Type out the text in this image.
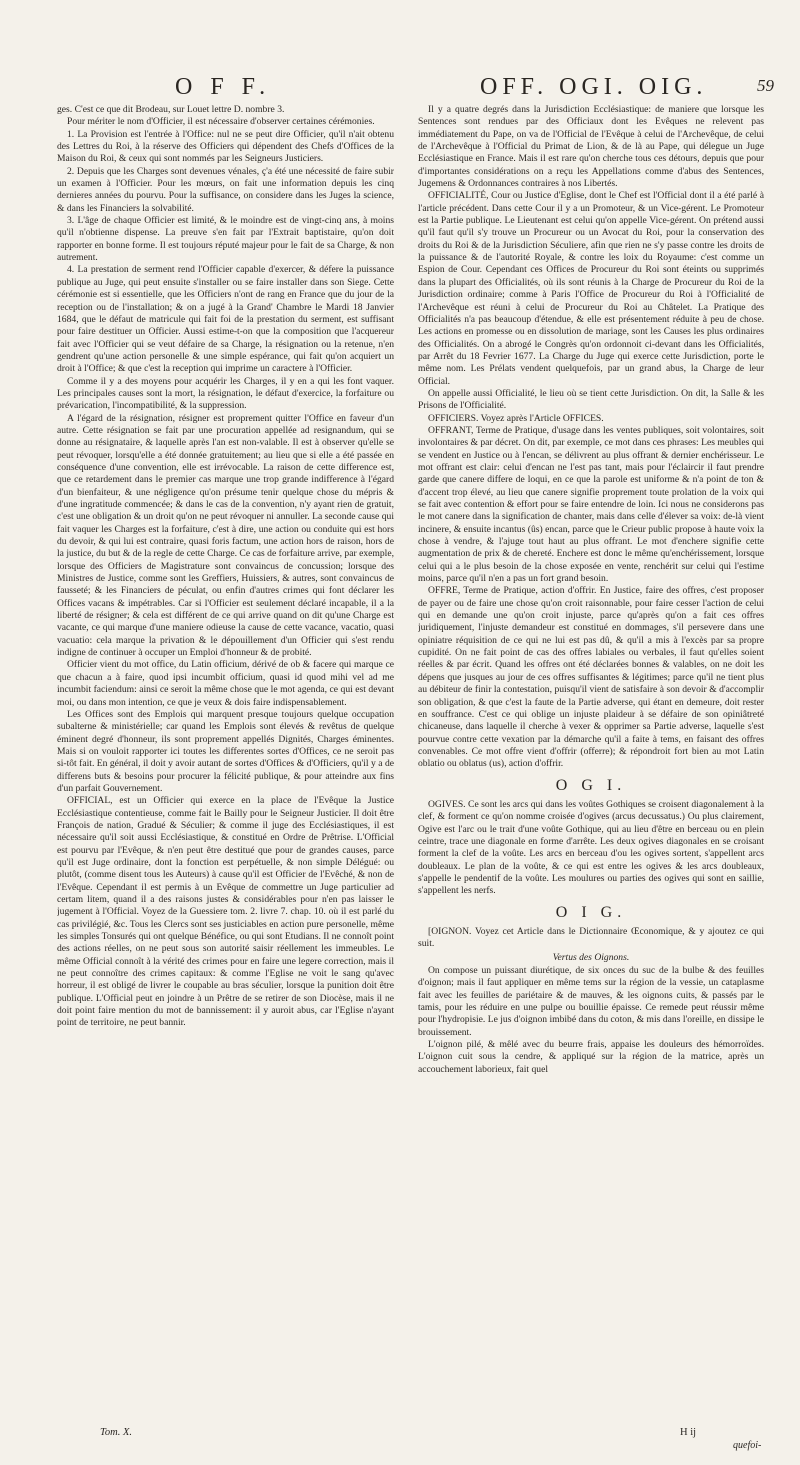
O F F.	OFF. OGI. OIG.	59

ges. C'est ce que dit Brodeau, sur Louet lettre D. nombre 3.

Pour mériter le nom d'Officier, il est nécessaire d'observer certaines cérémonies.

1. La Provision est l'entrée à l'Office: nul ne se peut dire Officier, qu'il n'ait obtenu des Lettres du Roi, à la réserve des Officiers qui dépendent des Chefs d'Offices de la Maison du Roi, & ceux qui sont nommés par les Seigneurs Justiciers.

2. Depuis que les Charges sont devenues vénales, ç'a été une nécessité de faire subir un examen à l'Officier. Pour les mœurs, on fait une information depuis les cinq dernieres années du pourvu. Pour la suffisance, on considere dans les Juges la science, & dans les Financiers la solvabilité.

3. L'âge de chaque Officier est limité, & le moindre est de vingt-cinq ans, à moins qu'il n'obtienne dispense. La preuve s'en fait par l'Extrait baptistaire, qu'on doit rapporter en bonne forme. Il est toujours réputé majeur pour le fait de sa Charge, & non autrement.

4. La prestation de serment rend l'Officier capable d'exercer, & défere la puissance publique au Juge, qui peut ensuite s'installer ou se faire installer dans son Siege. Cette cérémonie est si essentielle, que les Officiers n'ont de rang en France que du jour de la reception ou de l'installation; & on a jugé à la Grand' Chambre le Mardi 18 Janvier 1684, que le défaut de matricule qui fait foi de la prestation du serment, est suffisant pour faire destituer un Officier. Aussi estime-t-on que la composition que l'acquereur fait avec l'Officier qui se veut défaire de sa Charge, la résignation ou la retenue, n'en gendrent qu'une action personelle & une simple espérance, qui fait qu'on acquiert un droit à l'Office; & que c'est la reception qui imprime un caractere à l'Officier.

Comme il y a des moyens pour acquérir les Charges, il y en a qui les font vaquer. Les principales causes sont la mort, la résignation, le défaut d'exercice, la forfaiture ou prévarication, l'incompatibilité, & la suppression.

A l'égard de la résignation, résigner est proprement quitter l'Office en faveur d'un autre. Cette résignation se fait par une procuration appellée ad resignandum, qui se donne au résignataire, & laquelle après l'an est non-valable. Il est à observer qu'elle se peut révoquer, lorsqu'elle a été donnée gratuitement; au lieu que si elle a été passée en conséquence d'une convention, elle est irrévocable. La raison de cette difference est, que ce retardement dans le premier cas marque une trop grande indifference à l'égard d'un bienfaiteur, & une négligence qu'on présume tenir quelque chose du mépris & d'une ingratitude commencée; & dans le cas de la convention, n'y ayant rien de gratuit, c'est une obligation & un droit qu'on ne peut révoquer ni annuller. La seconde cause qui fait vaquer les Charges est la forfaiture, c'est à dire, une action ou conduite qui est hors du devoir, & qui lui est contraire, quasi foris factum, une action hors de raison, hors de la justice, du but & de la regle de cette Charge. Ce cas de forfaiture arrive, par exemple, lorsque des Officiers de Magistrature sont convaincus de concussion; lorsque des Ministres de Justice, comme sont les Greffiers, Huissiers, & autres, sont convaincus de fausseté; & les Financiers de péculat, ou enfin d'autres crimes qui font déclarer les Offices vacans & impétrables. Car si l'Officier est seulement déclaré incapable, il a la liberté de résigner; & cela est différent de ce qui arrive quand on dit qu'une Charge est vacante, ce qui marque d'une maniere odieuse la cause de cette vacance, vacatio, quasi vacuatio: cela marque la privation & le dépouillement d'un Officier qui s'est rendu indigne de continuer à occuper un Emploi d'honneur & de probité.

Officier vient du mot office, du Latin officium, dérivé de ob & facere qui marque ce que chacun a à faire, quod ipsi incumbit officium, quasi id quod mihi vel ad me incumbit faciendum: ainsi ce seroit la même chose que le mot agenda, ce qui est devant moi, ou dans mon intention, ce que je veux & dois faire indispensablement.

Les Offices sont des Emplois qui marquent presque toujours quelque occupation subalterne & ministérielle; car quand les Emplois sont élevés & revêtus de quelque éminent degré d'honneur, ils sont proprement appellés Dignités, Charges éminentes. Mais si on vouloit rapporter ici toutes les differentes sortes d'Offices, ce ne seroit pas si-tôt fait. En général, il doit y avoir autant de sortes d'Offices & d'Officiers, qu'il y a de differens buts & besoins pour procurer la félicité publique, & pour atteindre aux fins d'un parfait Gouvernement.

OFFICIAL, est un Officier qui exerce en la place de l'Evêque la Justice Ecclésiastique contentieuse, comme fait le Bailly pour le Seigneur Justicier. Il doit être François de nation, Gradué & Séculier; & comme il juge des Ecclésiastiques, il est nécessaire qu'il soit aussi Ecclésiastique, & constitué en Ordre de Prêtrise. L'Official est pourvu par l'Evêque, & n'en peut être destitué que pour de grandes causes, parce qu'il est Juge ordinaire, dont la fonction est perpétuelle, & non simple Délégué: ou plutôt, (comme disent tous les Auteurs) à cause qu'il est Officier de l'Evêché, & non de l'Evêque. Cependant il est permis à un Evêque de commettre un Juge particulier ad certam litem, quand il a des raisons justes & considérables pour n'en pas laisser le jugement à l'Official. Voyez de la Guessiere tom. 2. livre 7. chap. 10. où il est parlé du cas privilégié, &c. Tous les Clercs sont ses justiciables en action pure personelle, même les simples Tonsurés qui ont quelque Bénéfice, ou qui sont Etudians. Il ne connoît point des actions réelles, on ne peut sous son autorité saisir réellement les immeubles. Le même Official connoît à la vérité des crimes pour en faire une legere correction, mais il ne peut connoître des crimes capitaux: & comme l'Eglise ne voit le sang qu'avec horreur, il est obligé de livrer le coupable au bras séculier, lorsque la punition doit être publique. L'Official peut en joindre à un Prêtre de se retirer de son Diocèse, mais il ne doit point faire mention du mot de bannissement: il y auroit abus, car l'Eglise n'ayant point de territoire, ne peut bannir.

Il y a quatre degrés dans la Jurisdiction Ecclésiastique: de maniere que lorsque les Sentences sont rendues par des Officiaux dont les Evêques ne relevent pas immédiatement du Pape, on va de l'Official de l'Evêque à celui de l'Archevêque, de celui de l'Archevêque à l'Official du Primat de Lion, & de là au Pape, qui délegue un Juge Ecclésiastique en France. Mais il est rare qu'on cherche tous ces détours, depuis que pour d'importantes considérations on a reçu les Appellations comme d'abus des Sentences, Jugemens & Ordonnances contraires à nos Libertés.

OFFICIALITÉ, Cour ou Justice d'Eglise, dont le Chef est l'Official dont il a été parlé à l'article précédent. Dans cette Cour il y a un Promoteur, & un Vice-gérent. Le Promoteur est la Partie publique. Le Lieutenant est celui qu'on appelle Vice-gérent. On prétend aussi qu'il faut qu'il s'y trouve un Procureur ou un Avocat du Roi, pour la conservation des droits du Roi & de la Jurisdiction Séculiere, afin que rien ne s'y passe contre les droits de la puissance & de l'autorité Royale, & contre les loix du Royaume: c'est comme un Espion de Cour. Cependant ces Offices de Procureur du Roi sont éteints ou supprimés dans la plupart des Officialités, où ils sont réunis à la Charge de Procureur du Roi de la Jurisdiction ordinaire; comme à Paris l'Office de Procureur du Roi à l'Officialité de l'Archevêque est réuni à celui de Procureur du Roi au Châtelet. La Pratique des Officialités n'a pas beaucoup d'étendue, & elle est présentement réduite à peu de chose. Les actions en promesse ou en dissolution de mariage, sont les Causes les plus ordinaires des Officialités. On a abrogé le Congrès qu'on ordonnoit ci-devant dans les Officialités, par Arrêt du 18 Fevrier 1677. La Charge du Juge qui exerce cette Jurisdiction, porte le même nom. Les Prélats vendent quelquefois, par un grand abus, la Charge de leur Official.

On appelle aussi Officialité, le lieu où se tient cette Jurisdiction. On dit, la Salle & les Prisons de l'Officialité.

OFFICIERS. Voyez après l'Article OFFICES.

OFFRANT, Terme de Pratique, d'usage dans les ventes publiques, soit volontaires, soit involontaires & par décret. On dit, par exemple, ce mot dans ces phrases: Les meubles qui se vendent en Justice ou à l'encan, se délivrent au plus offrant & dernier enchérisseur. Le mot offrant est clair: celui d'encan ne l'est pas tant, mais pour l'éclaircir il faut prendre garde que canere differe de loqui, en ce que la parole est uniforme & n'a point de ton & d'accent trop élevé, au lieu que canere signifie proprement toute prolation de la voix qui se fait avec contention & effort pour se faire entendre de loin. Ici nous ne considerons pas le mot canere dans la signification de chanter, mais dans celle d'élever sa voix: de-là vient incinere, & ensuite incantus (ûs) encan, parce que le Crieur public propose à haute voix la chose à vendre, & l'ajuge tout haut au plus offrant. Le mot d'enchere signifie cette augmentation de prix & de chereté. Enchere est donc le même qu'enchérissement, lorsque celui qui a le plus besoin de la chose exposée en vente, renchérit sur celui qui l'estime moins, parce qu'il n'en a pas un fort grand besoin.

OFFRE, Terme de Pratique, action d'offrir. En Justice, faire des offres, c'est proposer de payer ou de faire une chose qu'on croit raisonnable, pour faire cesser l'action de celui qui en demande une qu'on croit injuste, parce qu'après qu'on a fait ces offres juridiquement, l'injuste demandeur est constitué en dommages, s'il persevere dans une opiniatre réquisition de ce qui ne lui est pas dû, & qu'il a mis à l'excès par sa propre cupidité. On ne fait point de cas des offres labiales ou verbales, il faut qu'elles soient réelles & par écrit. Quand les offres ont été déclarées bonnes & valables, on ne doit les dépens que jusques au jour de ces offres suffisantes & légitimes; parce qu'il ne tient plus au débiteur de finir la contestation, puisqu'il vient de satisfaire à son devoir & d'accomplir son obligation, & que c'est la faute de la Partie adverse, qui étant en demeure, doit rester en souffrance. C'est ce qui oblige un injuste plaideur à se défaire de son opiniâtreté chicaneuse, dans laquelle il cherche à vexer & opprimer sa Partie adverse, laquelle s'est pourvue contre cette vexation par la démarche qu'il a faite à tems, en faisant des offres convenables. Ce mot offre vient d'offrir (offerre); & répondroit fort bien au mot Latin oblatio ou oblatus (us), action d'offrir.

O G I.

OGIVES. Ce sont les arcs qui dans les voûtes Gothiques se croisent diagonalement à la clef, & forment ce qu'on nomme croisée d'ogives (arcus decussatus.) Ou plus clairement, Ogive est l'arc ou le trait d'une voûte Gothique, qui au lieu d'être en berceau ou en plein ceintre, trace une diagonale en forme d'arrête. Les deux ogives diagonales en se croisant forment la clef de la voûte. Les arcs en berceau d'ou les ogives sortent, s'appellent arcs doubleaux. Le plan de la voûte, & ce qui est entre les ogives & les arcs doubleaux, s'appelle le pendentif de la voûte. Les moulures ou parties des ogives qui sont en saillie, s'appellent les nerfs.

O I G.

[OIGNON. Voyez cet Article dans le Dictionnaire Œconomique, & y ajoutez ce qui suit.

Vertus des Oignons.

On compose un puissant diurétique, de six onces du suc de la bulbe & des feuilles d'oignon; mais il faut appliquer en même tems sur la région de la vessie, un cataplasme fait avec les feuilles de pariétaire & de mauves, & les oignons cuits, & passés par le tamis, pour les réduire en une pulpe ou bouillie épaisse. Ce remede peut réussir même pour l'hydropisie. Le jus d'oignon imbibé dans du coton, & mis dans l'oreille, en dissipe le brouissement.

L'oignon pilé, & mêlé avec du beurre frais, appaise les douleurs des hémorroïdes. L'oignon cuit sous la cendre, & appliqué sur la région de la matrice, après un accouchement laborieux, fait quel

Tom. X.	H ij
quefoi-
